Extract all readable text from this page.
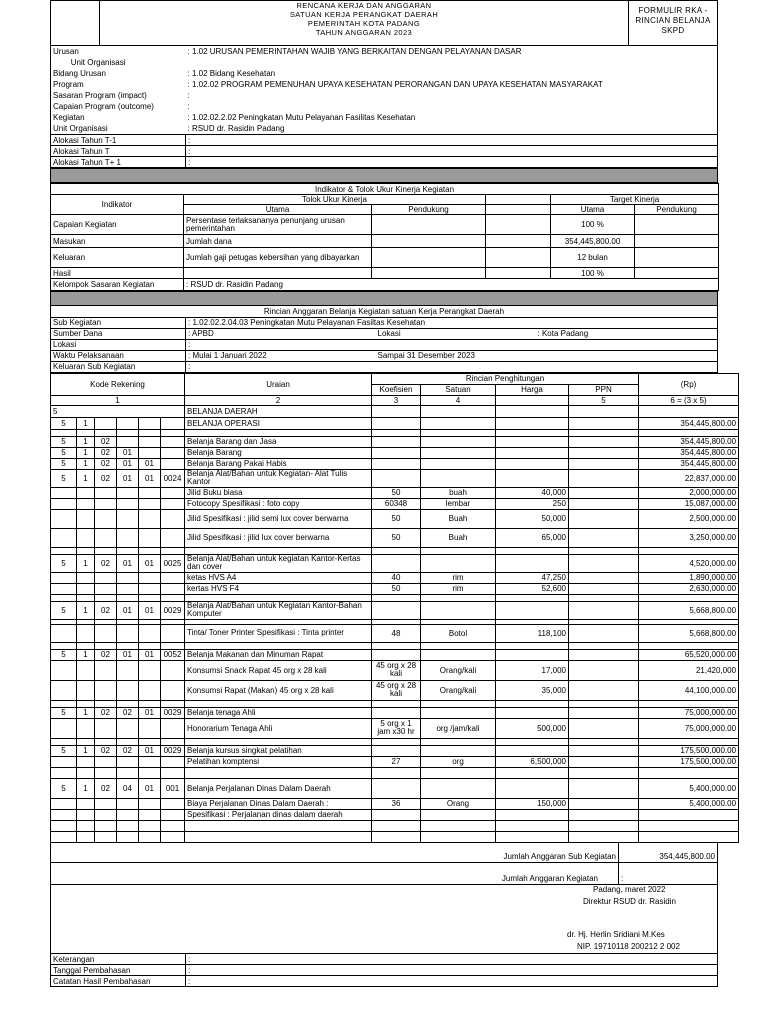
RENCANA KERJA DAN ANGGARAN
SATUAN KERJA PERANGKAT DAERAH
PEMERINTAH KOTA PADANG
TAHUN ANGGARAN 2023
FORMULIR RKA -
RINCIAN BELANJA
SKPD
Urusan	: 1.02 URUSAN PEMERINTAHAN WAJIB YANG BERKAITAN DENGAN PELAYANAN DASAR
Unit Organisasi	
Bidang Urusan	: 1.02 Bidang Kesehatan
Program	: 1.02.02 PROGRAM PEMENUHAN UPAYA KESEHATAN PERORANGAN DAN UPAYA KESEHATAN MASYARAKAT
Sasaran Program (impact)	:
Capaian Program (outcome)	:
Kegiatan	: 1.02.02.2.02 Peningkatan Mutu Pelayanan Fasilitas Kesehatan
Unit Organisasi	: RSUD dr. Rasidin Padang
Alokasi Tahun T-1	:
Alokasi Tahun T	:
Alokasi Tahun T+ 1	:
Indikator & Tolok Ukur Kinerja Kegiatan					
Indikator	Tolok Ukur Kinerja			Target Kinerja	
	Utama	Pendukung		Utama	Pendukung
Capaian Kegiatan	Persentase terlaksananya penunjang urusan pemerintahan			100 %	
Masukan	Jumlah dana			354,445,800.00	
Keluaran	Jumlah gaji petugas kebersihan yang dibayarkan			12 bulan	
Hasil				100 %	
Kelompok Sasaran Kegiatan	: RSUD dr. Rasidin Padang				
Rincian Anggaran Belanja Kegiatan satuan Kerja Perangkat Daerah			
Sub Kegiatan	: 1.02.02.2.04.03 Peningkatan Mutu Pelayanan Fasiltas Kesehatan		
Sumber Dana	: APBD	Lokasi	: Kota Padang
Lokasi	:		
Waktu Pelaksanaan	: Mulai 1 Januari 2022	Sampai 31 Desember 2023	
Keluaran Sub Kegiatan	:		
Kode Rekening						Uraian	Rincian Penghitungan				(Rp)
							Koefisien	Satuan	Harga	PPN	
1						2	3	4		5	6 = (3 x 5)
5						BELANJA DAERAH					
5	1					BELANJA OPERASI					354,445,800.00

5	1	02				Belanja Barang dan Jasa					354,445,800.00
5	1	02	01			Belanja Barang					354,445,800.00
5	1	02	01	01		Belanja Barang Pakai Habis					354,445,800.00
5	1	02	01	01	0024	Belanja Alat/Bahan untuk Kegiatan- Alat Tulis Kantor					22,837,000.00
						Jilid Buku biasa	50	buah	40,000		2,000,000.00
						Fotocopy Spesifikasi : foto copy	60348	lembar	250		15,087,000.00
						Jilid Spesifikasi : jilid semi lux cover berwarna	50	Buah	50,000		2,500,000.00
						Jilid Spesifikasi : jilid lux cover berwarna	50	Buah	65,000		3,250,000.00

5	1	02	01	01	0025	Belanja Alat/Bahan untuk kegiatan Kantor-Kertas dan cover					4,520,000.00
						ketas HVS A4	40	rim	47,250		1,890,000.00
						kertas HVS F4	50	rim	52,600		2,630,000.00

5	1	02	01	01	0029	Belanja Alat/Bahan untuk Kegiatan Kantor-Bahan Komputer					5,668,800.00

						Tinta/ Toner Printer Spesifikasi : Tinta printer	48	Botol	118,100		5,668,800.00

5	1	02	01	01	0052	Belanja Makanan dan Minuman Rapat					65,520,000.00
						Konsumsi Snack Rapat 45 org x 28 kali	45 org x 28 kali	Orang/kali	17,000		21,420,000
						Konsumsi Rapat (Makan) 45 org x 28 kali	45 org x 28 kali	Orang/kali	35,000		44,100,000.00

5	1	02	02	01	0029	Belanja tenaga Ahli					75,000,000.00
						Honorarium Tenaga Ahli	5 org x 1 jam x30 hr	org /jam/kali	500,000		75,000,000.00

5	1	02	02	01	0029	Belanja kursus singkat pelatihan					175,500,000.00
						Pelatihan komptensi	27	org	6,500,000		175,500,000.00

5	1	02	04	01	001	Belanja Perjalanan Dinas Dalam Daerah					5,400,000.00
						Biaya Perjalanan Dinas Dalam Daerah :	36	Orang	150,000		5,400,000.00
						Spesifikasi : Perjalanan dinas dalam daerah					

Jumlah Anggaran Sub Kegiatan	354,445,800.00

Jumlah Anggaran Kegiatan	:
Padang, maret 2022
Direktur RSUD dr. Rasidin
dr. Hj. Herlin Sridiani M.Kes
NIP. 19710118 200212 2 002
Keterangan	:
Tanggal Pembahasan	:
Catatan Hasil Pembahasan	:
